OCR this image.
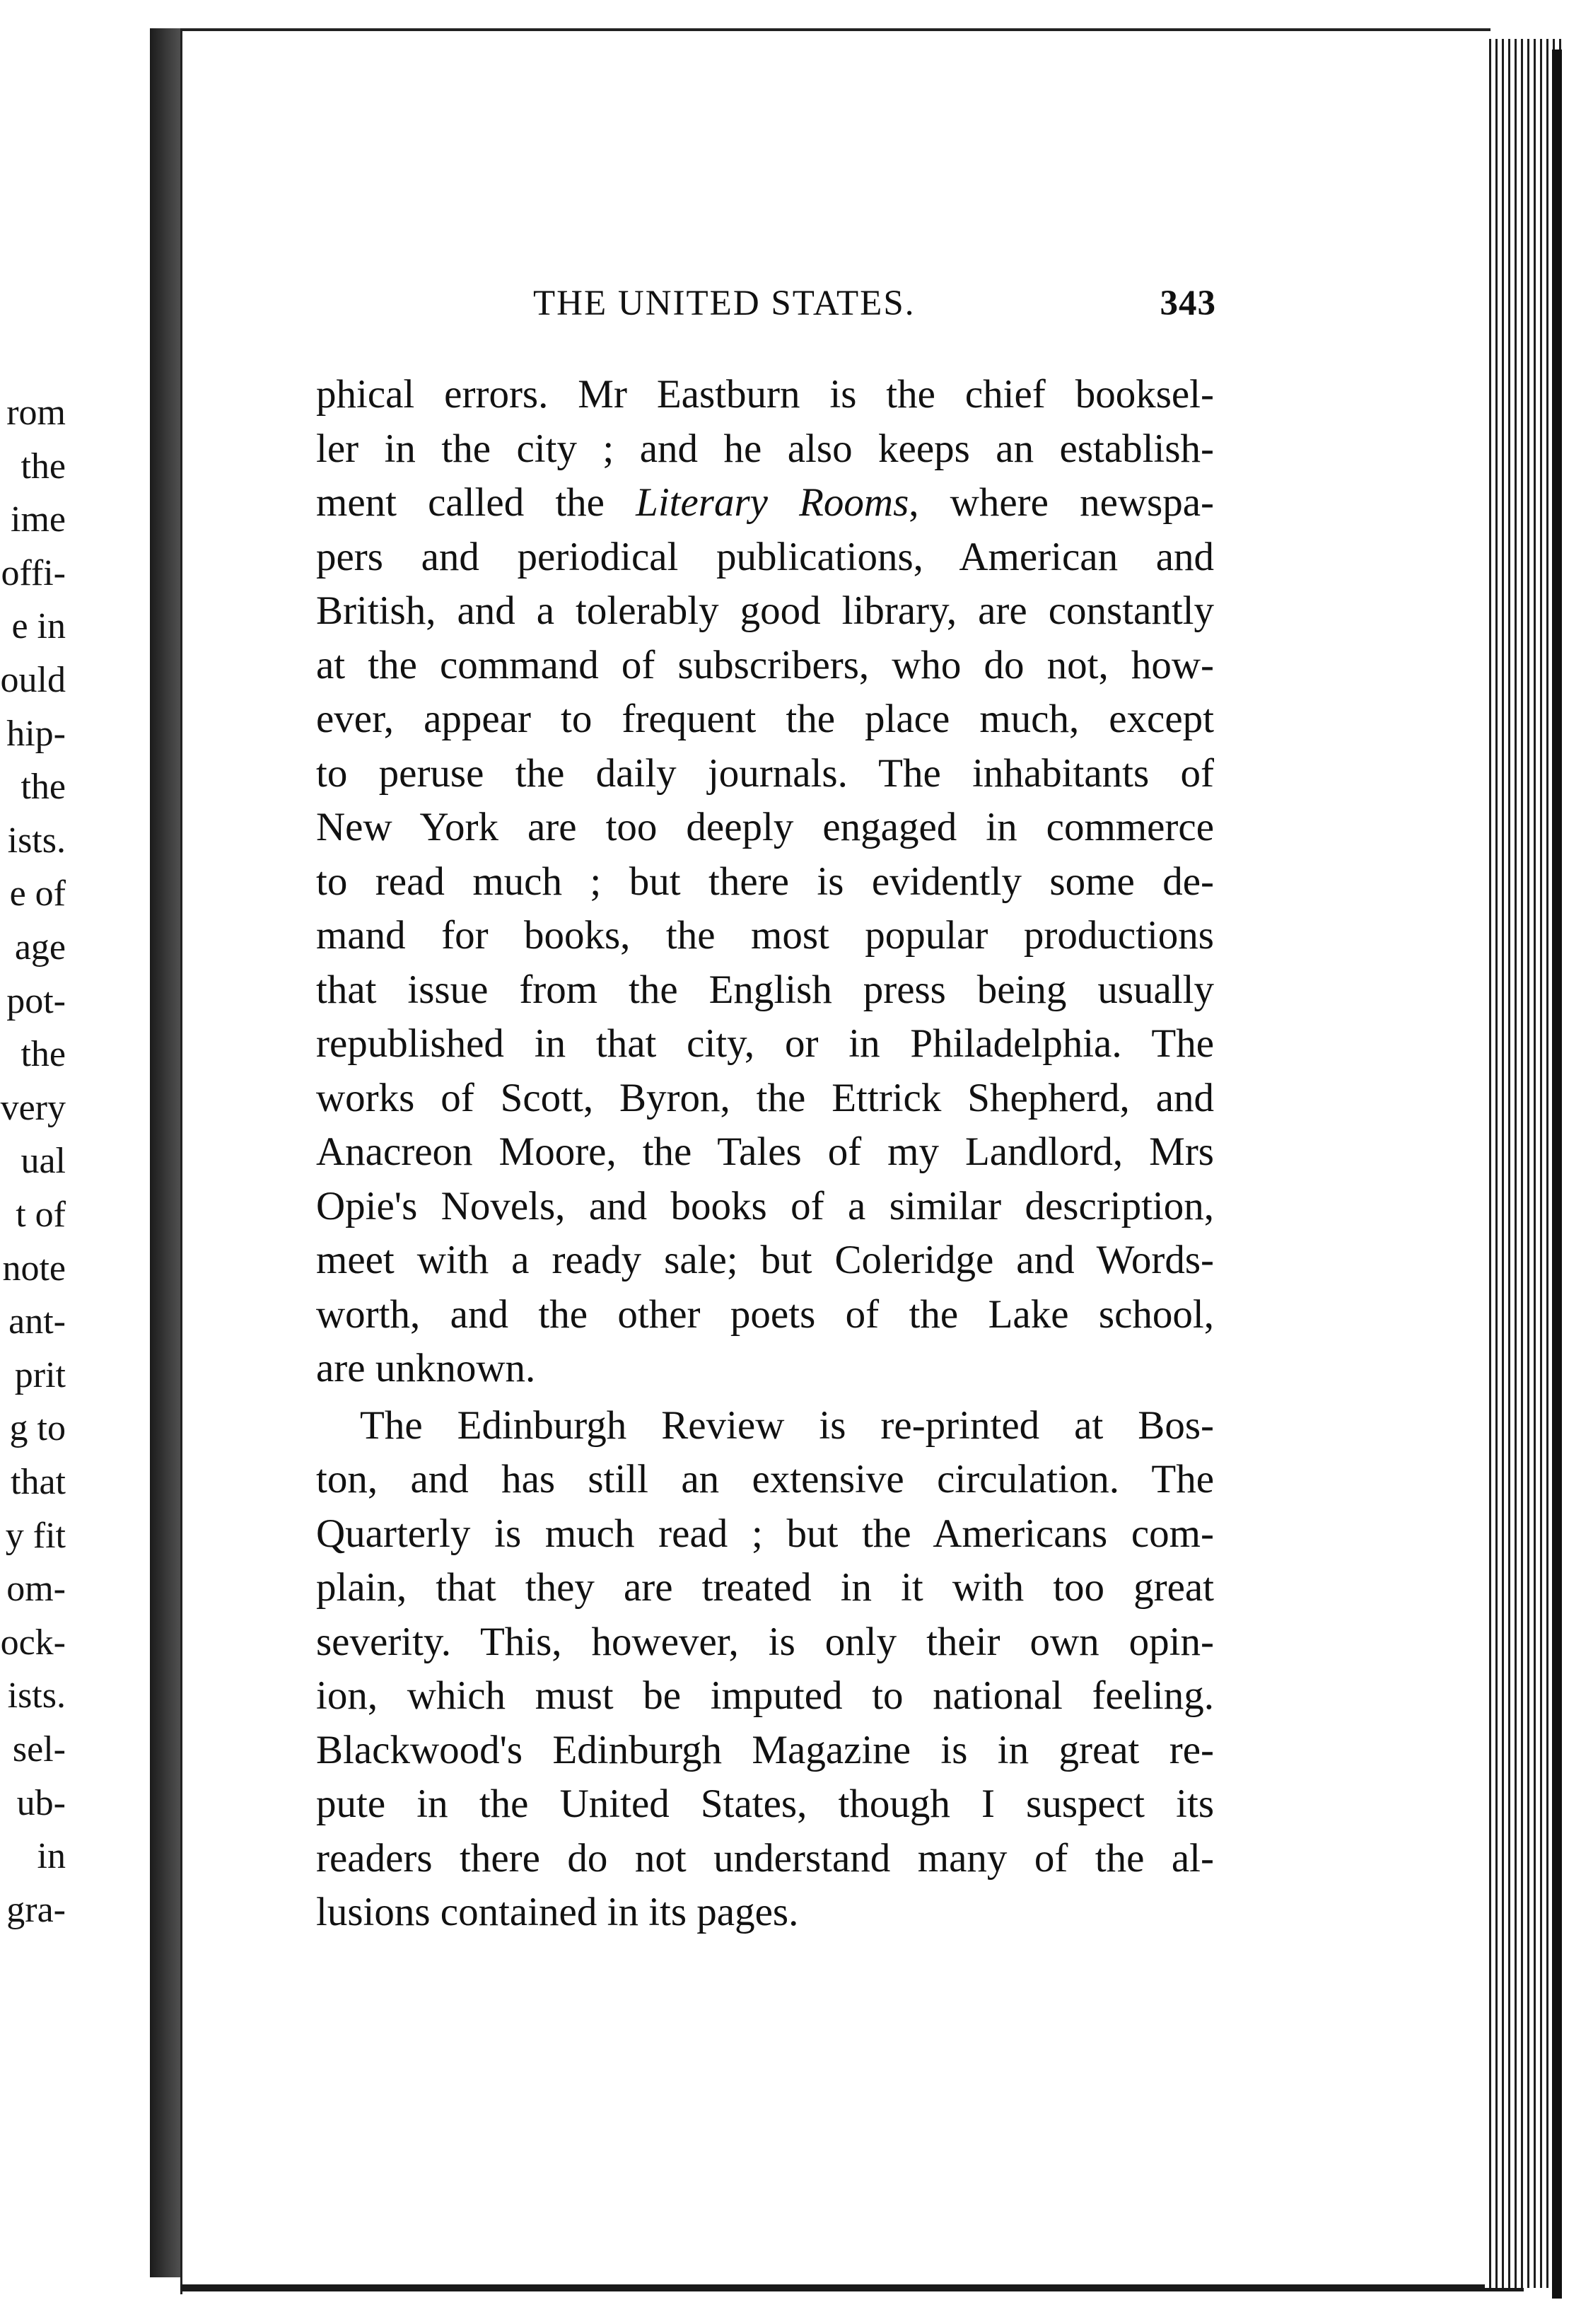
rom
the
ime
offi-
e in
ould
hip-
the
ists.
e of
age
pot-
the
very
ual
t of
note
ant-
prit
g to
that
y fit
om-
ock-
ists.
sel-
ub-
in
gra-
THE UNITED STATES.	343
phical errors. Mr Eastburn is the chief booksel-
ler in the city ; and he also keeps an establish-
ment called the Literary Rooms, where newspa-
pers and periodical publications, American and
British, and a tolerably good library, are constantly
at the command of subscribers, who do not, how-
ever, appear to frequent the place much, except
to peruse the daily journals. The inhabitants of
New York are too deeply engaged in commerce
to read much ; but there is evidently some de-
mand for books, the most popular productions
that issue from the English press being usually
republished in that city, or in Philadelphia. The
works of Scott, Byron, the Ettrick Shepherd, and
Anacreon Moore, the Tales of my Landlord, Mrs
Opie's Novels, and books of a similar description,
meet with a ready sale; but Coleridge and Words-
worth, and the other poets of the Lake school,
are unknown.
The Edinburgh Review is re-printed at Bos-
ton, and has still an extensive circulation. The
Quarterly is much read ; but the Americans com-
plain, that they are treated in it with too great
severity. This, however, is only their own opin-
ion, which must be imputed to national feeling.
Blackwood's Edinburgh Magazine is in great re-
pute in the United States, though I suspect its
readers there do not understand many of the al-
lusions contained in its pages.
